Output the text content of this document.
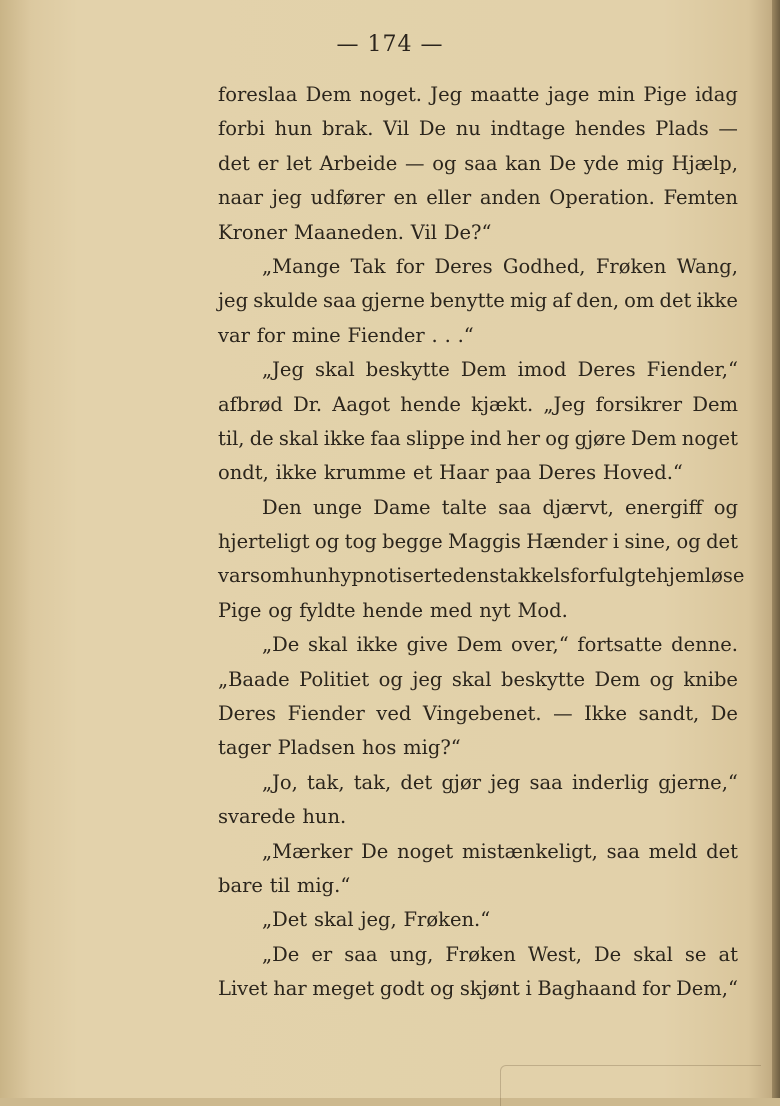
— 174 —
foreslaa Dem noget. Jeg maatte jage min Pige idag
forbi hun brak. Vil De nu indtage hendes Plads —
det er let Arbeide — og saa kan De yde mig Hjælp,
naar jeg udfører en eller anden Operation. Femten
Kroner Maaneden. Vil De?“
„Mange Tak for Deres Godhed, Frøken Wang,
jeg skulde saa gjerne benytte mig af den, om det ikke
var for mine Fiender . . .“
„Jeg skal beskytte Dem imod Deres Fiender,“
afbrød Dr. Aagot hende kjækt. „Jeg forsikrer Dem
til, de skal ikke faa slippe ind her og gjøre Dem noget
ondt, ikke krumme et Haar paa Deres Hoved.“
Den unge Dame talte saa djærvt, energiff og
hjerteligt og tog begge Maggis Hænder i sine, og det
var som hun hypnotiserte den stakkels forfulgte hjemløse
Pige og fyldte hende med nyt Mod.
„De skal ikke give Dem over,“ fortsatte denne.
„Baade Politiet og jeg skal beskytte Dem og knibe
Deres Fiender ved Vingebenet. — Ikke sandt, De
tager Pladsen hos mig?“
„Jo, tak, tak, det gjør jeg saa inderlig gjerne,“
svarede hun.
„Mærker De noget mistænkeligt, saa meld det
bare til mig.“
„Det skal jeg, Frøken.“
„De er saa ung, Frøken West, De skal se at
Livet har meget godt og skjønt i Baghaand for Dem,“
